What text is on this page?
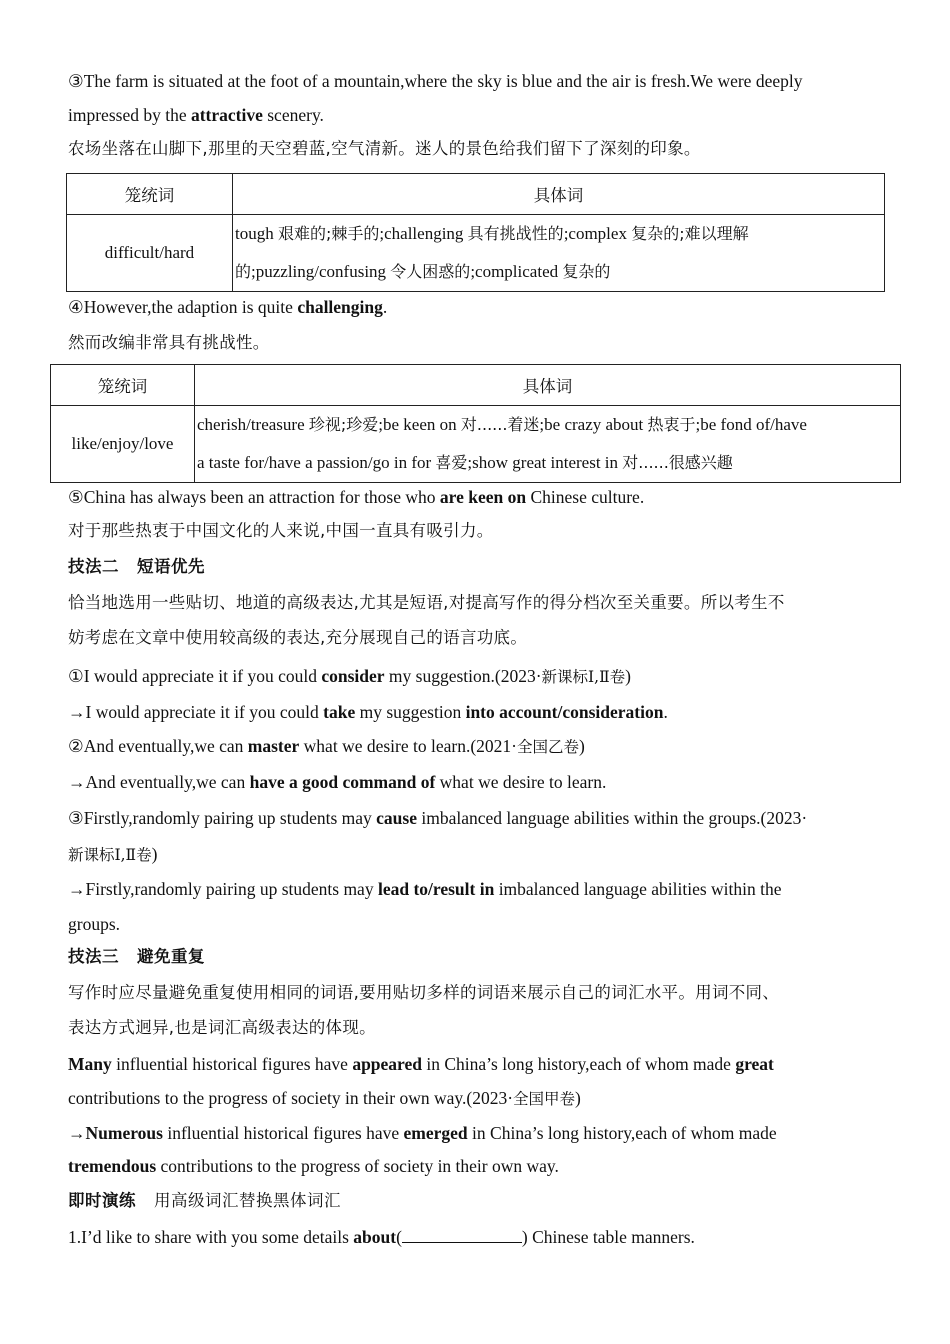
③The farm is situated at the foot of a mountain,where the sky is blue and the air is fresh.We were deeply
impressed by the attractive scenery.
农场坐落在山脚下,那里的天空碧蓝,空气清新。迷人的景色给我们留下了深刻的印象。
笼统词	具体词
difficult/hard	tough 艰难的;棘手的;challenging 具有挑战性的;complex 复杂的;难以理解
的;puzzling/confusing 令人困惑的;complicated 复杂的
④However,the adaption is quite challenging.
然而改编非常具有挑战性。
笼统词	具体词
like/enjoy/love	cherish/treasure 珍视;珍爱;be keen on 对......着迷;be crazy about 热衷于;be fond of/have
a taste for/have a passion/go in for 喜爱;show great interest in 对......很感兴趣
⑤China has always been an attraction for those who are keen on Chinese culture.
对于那些热衷于中国文化的人来说,中国一直具有吸引力。
技法二 短语优先
恰当地选用一些贴切、地道的高级表达,尤其是短语,对提高写作的得分档次至关重要。所以考生不
妨考虑在文章中使用较高级的表达,充分展现自己的语言功底。
①I would appreciate it if you could consider my suggestion.(2023·新课标Ⅰ,Ⅱ卷)
→I would appreciate it if you could take my suggestion into account/consideration.
②And eventually,we can master what we desire to learn.(2021·全国乙卷)
→And eventually,we can have a good command of what we desire to learn.
③Firstly,randomly pairing up students may cause imbalanced language abilities within the groups.(2023·
新课标Ⅰ,Ⅱ卷)
→Firstly,randomly pairing up students may lead to/result in imbalanced language abilities within the
groups.
技法三 避免重复
写作时应尽量避免重复使用相同的词语,要用贴切多样的词语来展示自己的词汇水平。用词不同、
表达方式迥异,也是词汇高级表达的体现。
Many influential historical figures have appeared in China’s long history,each of whom made great
contributions to the progress of society in their own way.(2023·全国甲卷)
→Numerous influential historical figures have emerged in China’s long history,each of whom made
tremendous contributions to the progress of society in their own way.
即时演练 用高级词汇替换黑体词汇
1.I’d like to share with you some details about(	) Chinese table manners.
